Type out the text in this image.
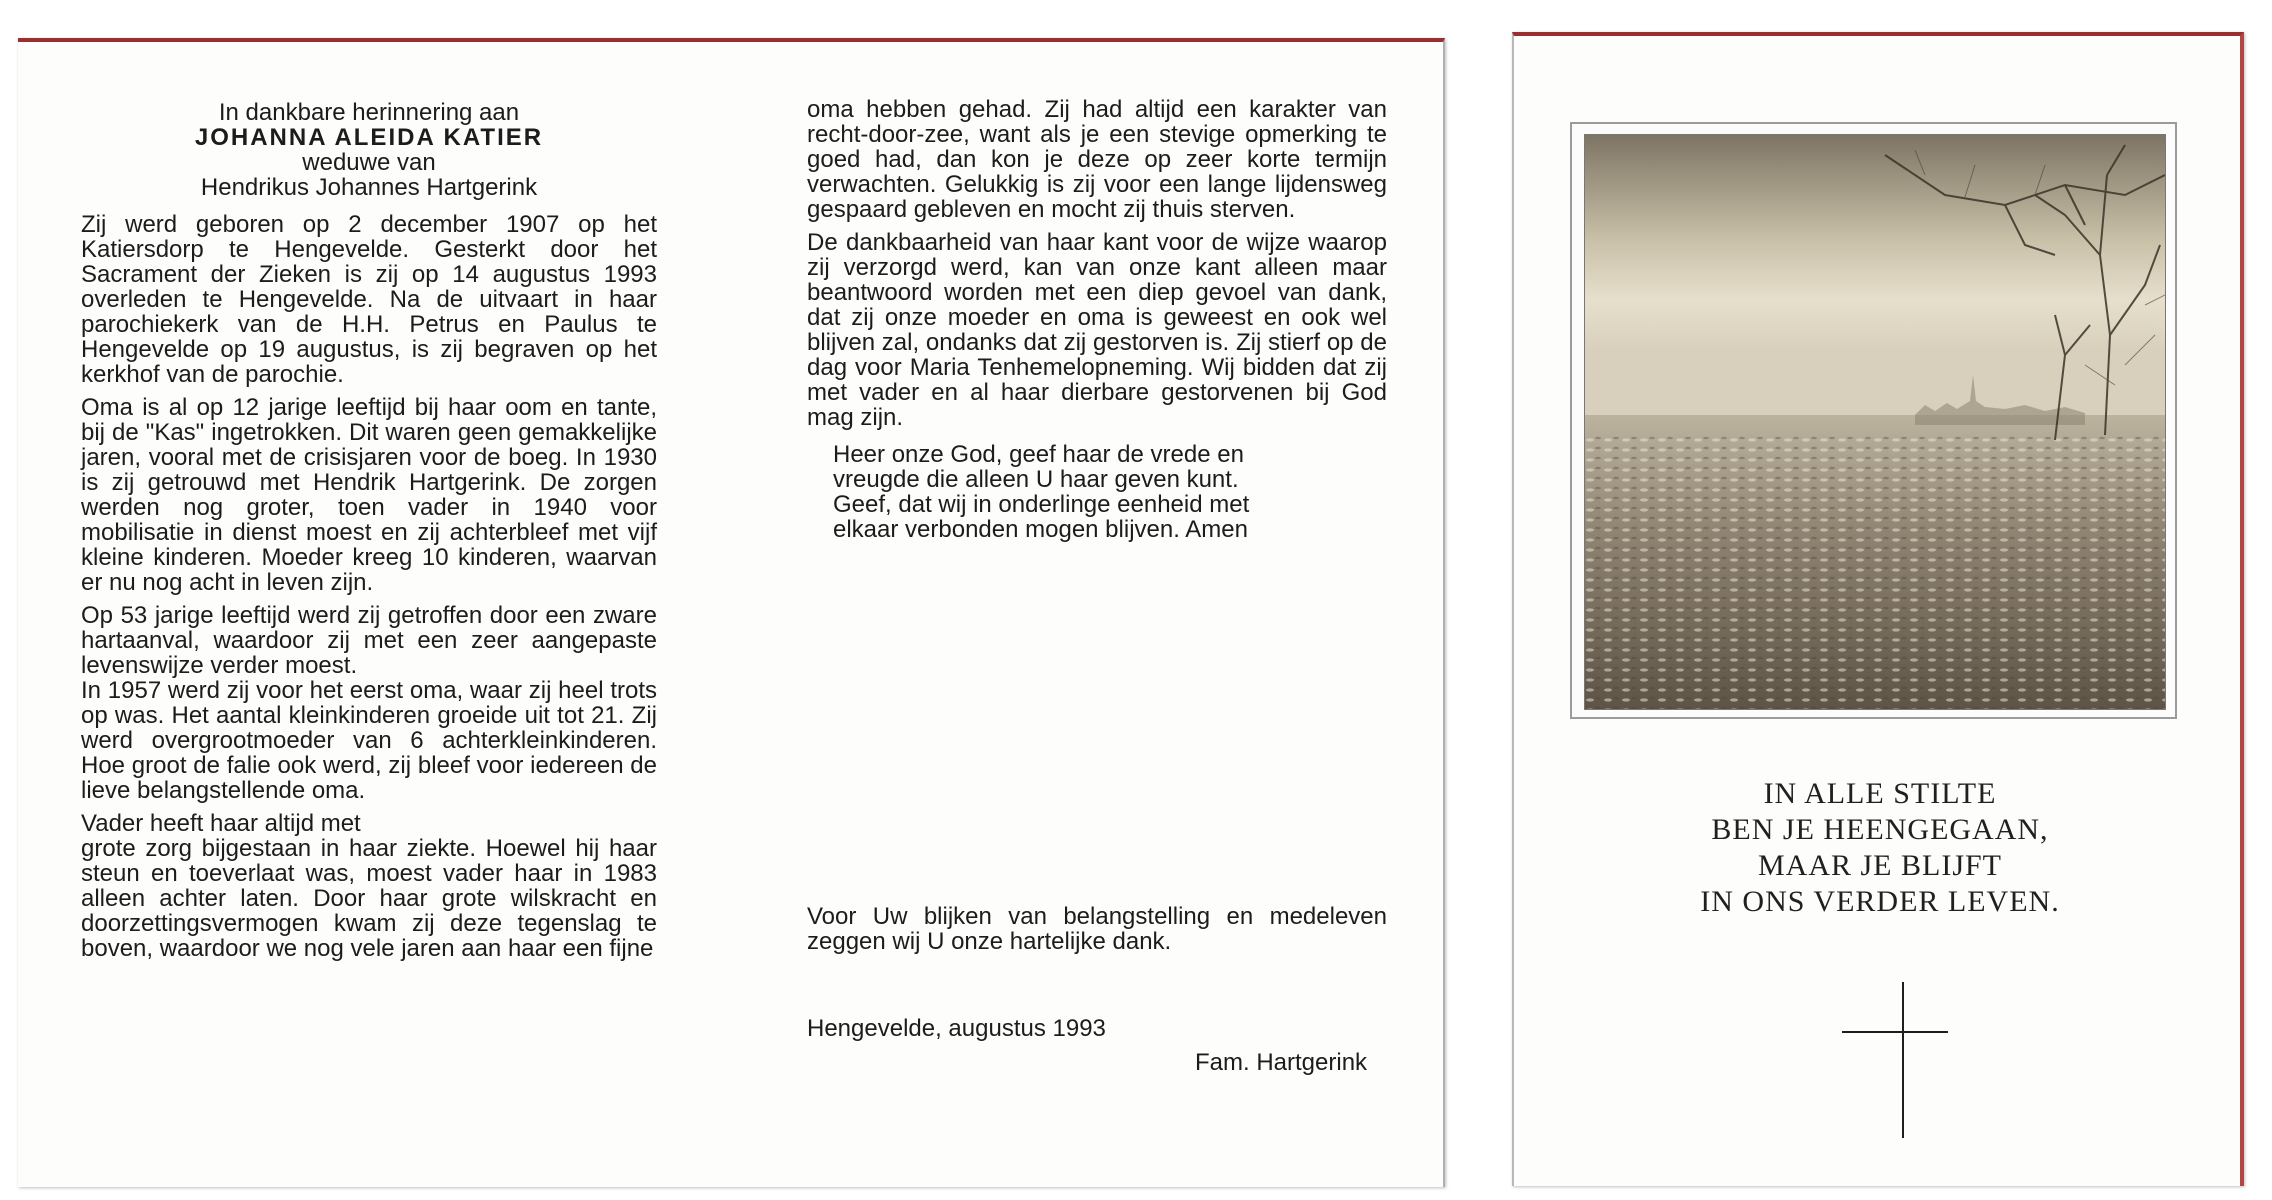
In dankbare herinnering aan
JOHANNA ALEIDA KATIER
weduwe van
Hendrikus Johannes Hartgerink

Zij werd geboren op 2 december 1907 op het Katiersdorp te Hengevelde. Gesterkt door het Sacrament der Zieken is zij op 14 augustus 1993 overleden te Hengevelde. Na de uitvaart in haar parochiekerk van de H.H. Petrus en Paulus te Hengevelde op 19 augustus, is zij begraven op het kerkhof van de parochie.

Oma is al op 12 jarige leeftijd bij haar oom en tante, bij de "Kas" ingetrokken. Dit waren geen gemakkelijke jaren, vooral met de crisisjaren voor de boeg. In 1930 is zij getrouwd met Hendrik Hartgerink. De zorgen werden nog groter, toen vader in 1940 voor mobilisatie in dienst moest en zij achterbleef met vijf kleine kinderen. Moeder kreeg 10 kinderen, waarvan er nu nog acht in leven zijn.

Op 53 jarige leeftijd werd zij getroffen door een zware hartaanval, waardoor zij met een zeer aangepaste levenswijze verder moest.

In 1957 werd zij voor het eerst oma, waar zij heel trots op was. Het aantal kleinkinderen groeide uit tot 21. Zij werd overgrootmoeder van 6 achterkleinkinderen. Hoe groot de falie ook werd, zij bleef voor iedereen de lieve belangstellende oma.

Vader heeft haar altijd met

grote zorg bijgestaan in haar ziekte. Hoewel hij haar steun en toeverlaat was, moest vader haar in 1983 alleen achter laten. Door haar grote wilskracht en doorzettingsvermogen kwam zij deze tegenslag te boven, waardoor we nog vele jaren aan haar een fijne

oma hebben gehad. Zij had altijd een karakter van recht-door-zee, want als je een stevige opmerking te goed had, dan kon je deze op zeer korte termijn verwachten. Gelukkig is zij voor een lange lijdensweg gespaard gebleven en mocht zij thuis sterven.

De dankbaarheid van haar kant voor de wijze waarop zij verzorgd werd, kan van onze kant alleen maar beantwoord worden met een diep gevoel van dank, dat zij onze moeder en oma is geweest en ook wel blijven zal, ondanks dat zij gestorven is. Zij stierf op de dag voor Maria Tenhemelopneming. Wij bidden dat zij met vader en al haar dierbare gestorvenen bij God mag zijn.

Heer onze God, geef haar de vrede en
vreugde die alleen U haar geven kunt.
Geef, dat wij in onderlinge eenheid met
elkaar verbonden mogen blijven. Amen
Voor Uw blijken van belangstelling en medeleven zeggen wij U onze hartelijke dank.
Hengevelde, augustus 1993
Fam. Hartgerink
IN ALLE STILTE
BEN JE HEENGEGAAN,
MAAR JE BLIJFT
IN ONS VERDER LEVEN.
